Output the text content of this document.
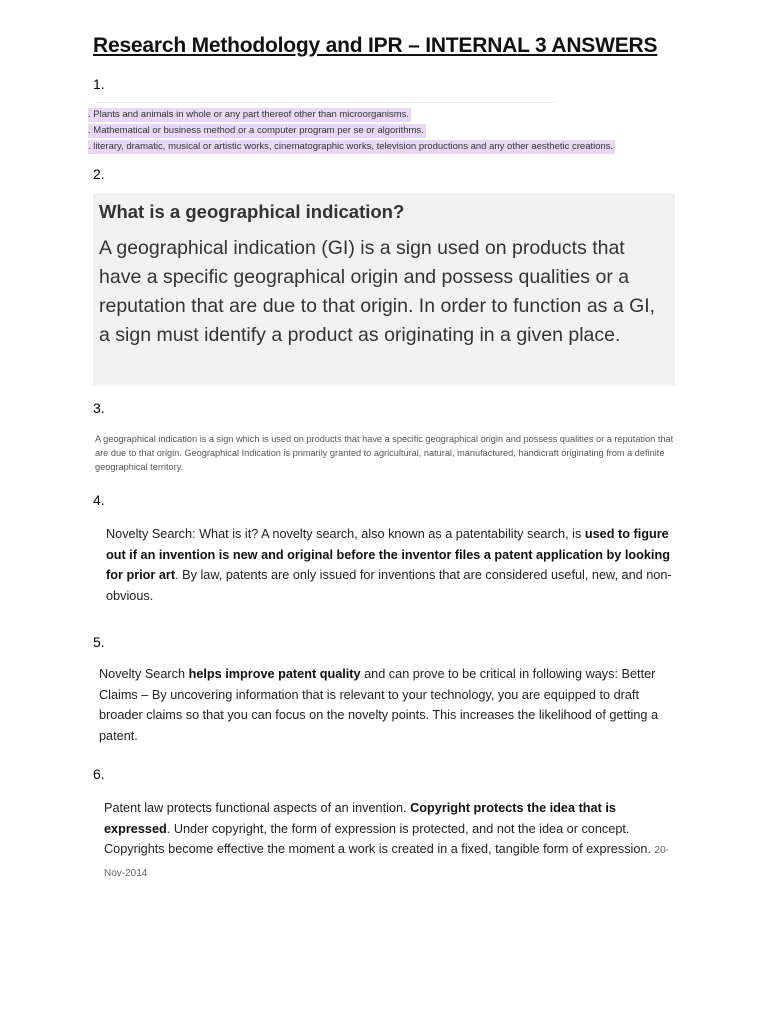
Research Methodology and IPR – INTERNAL 3 ANSWERS
1.
. Plants and animals in whole or any part thereof other than microorganisms.
. Mathematical or business method or a computer program per se or algorithms.
. literary, dramatic, musical or artistic works, cinematographic works, television productions and any other aesthetic creations.
2.
What is a geographical indication?
A geographical indication (GI) is a sign used on products that have a specific geographical origin and possess qualities or a reputation that are due to that origin. In order to function as a GI, a sign must identify a product as originating in a given place.
3.
A geographical indication is a sign which is used on products that have a specific geographical origin and possess qualities or a reputation that are due to that origin. Geographical Indication is primarily granted to agricultural, natural, manufactured, handicraft originating from a definite geographical territory.
4.
Novelty Search: What is it? A novelty search, also known as a patentability search, is used to figure out if an invention is new and original before the inventor files a patent application by looking for prior art. By law, patents are only issued for inventions that are considered useful, new, and non-obvious.
5.
Novelty Search helps improve patent quality and can prove to be critical in following ways: Better Claims – By uncovering information that is relevant to your technology, you are equipped to draft broader claims so that you can focus on the novelty points. This increases the likelihood of getting a patent.
6.
Patent law protects functional aspects of an invention. Copyright protects the idea that is expressed. Under copyright, the form of expression is protected, and not the idea or concept. Copyrights become effective the moment a work is created in a fixed, tangible form of expression. 20-Nov-2014
